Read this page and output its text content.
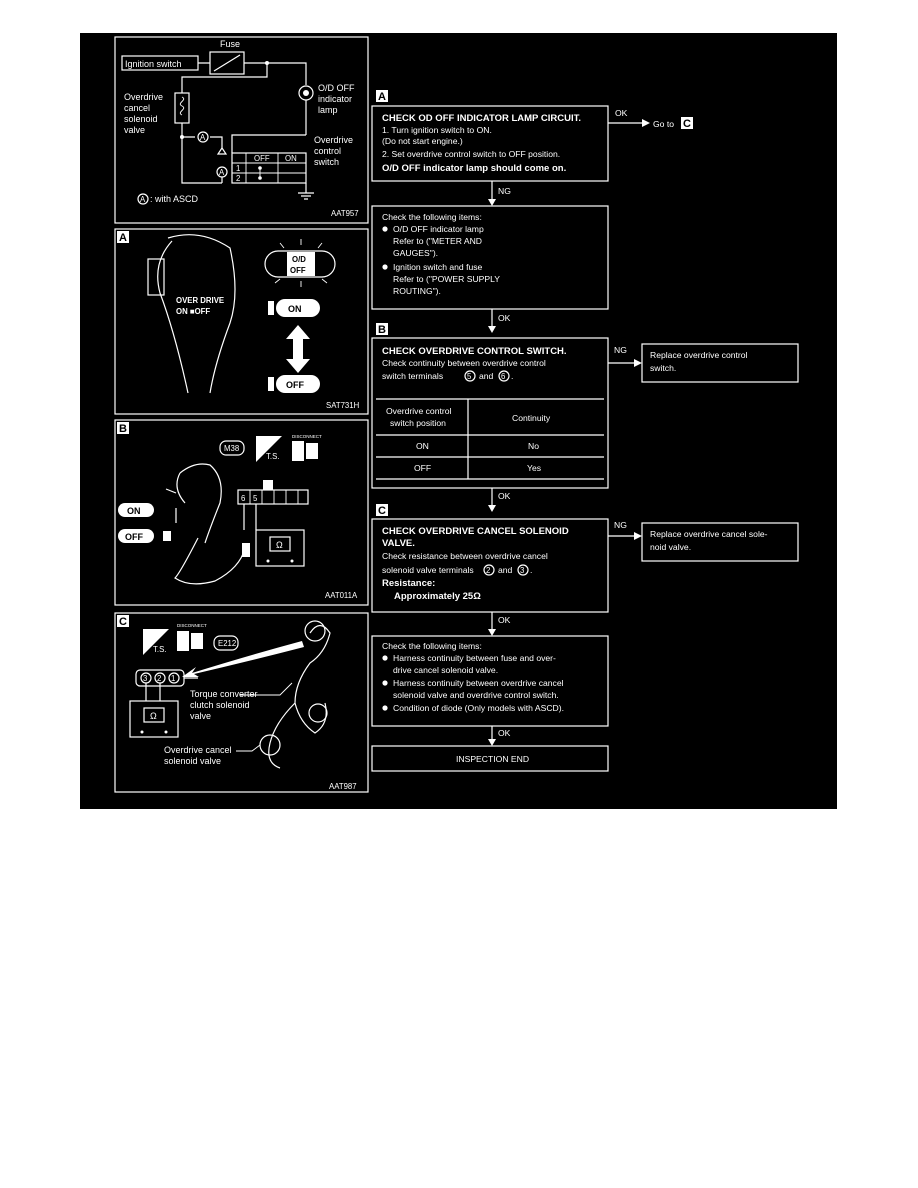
Fuse
Ignition switch
O/D OFF
indicator
lamp
Overdrive
cancel
solenoid
valve
A
A
Overdrive
control
switch
OFF ON
1
2
A : with ASCD
AAT957
A
OVER DRIVE
ON ■OFF
O/D
OFF
ON
OFF
SAT731H
B
M38
T.S.
DISCONNECT
ON
OFF
6 5
Ω
AAT011A
C
T.S.
DISCONNECT
E212
3 2 1
Ω
Torque converter
clutch solenoid
valve
Overdrive cancel
solenoid valve
AAT987
A
CHECK OD OFF INDICATOR LAMP CIRCUIT.
1. Turn ignition switch to ON.
(Do not start engine.)
2. Set overdrive control switch to OFF position.
O/D OFF indicator lamp should come on.
OK
Go to C
NG
Check the following items:
O/D OFF indicator lamp
Refer to ("METER AND
GAUGES").
Ignition switch and fuse
Refer to ("POWER SUPPLY
ROUTING").
OK
B
CHECK OVERDRIVE CONTROL SWITCH.
Check continuity between overdrive control
switch terminals	5 and 6 .
Overdrive control
switch position	Continuity
ON	No
OFF	Yes
NG	Replace overdrive control
switch.
OK
C
CHECK OVERDRIVE CANCEL SOLENOID
VALVE.
Check resistance between overdrive cancel
solenoid valve terminals 2 and 3 .
Resistance:
Approximately 25Ω
NG
Replace overdrive cancel sole-
noid valve.
OK
Check the following items:
Harness continuity between fuse and over-
drive cancel solenoid valve.
Harness continuity between overdrive cancel
solenoid valve and overdrive control switch.
Condition of diode (Only models with ASCD).
OK
INSPECTION END
